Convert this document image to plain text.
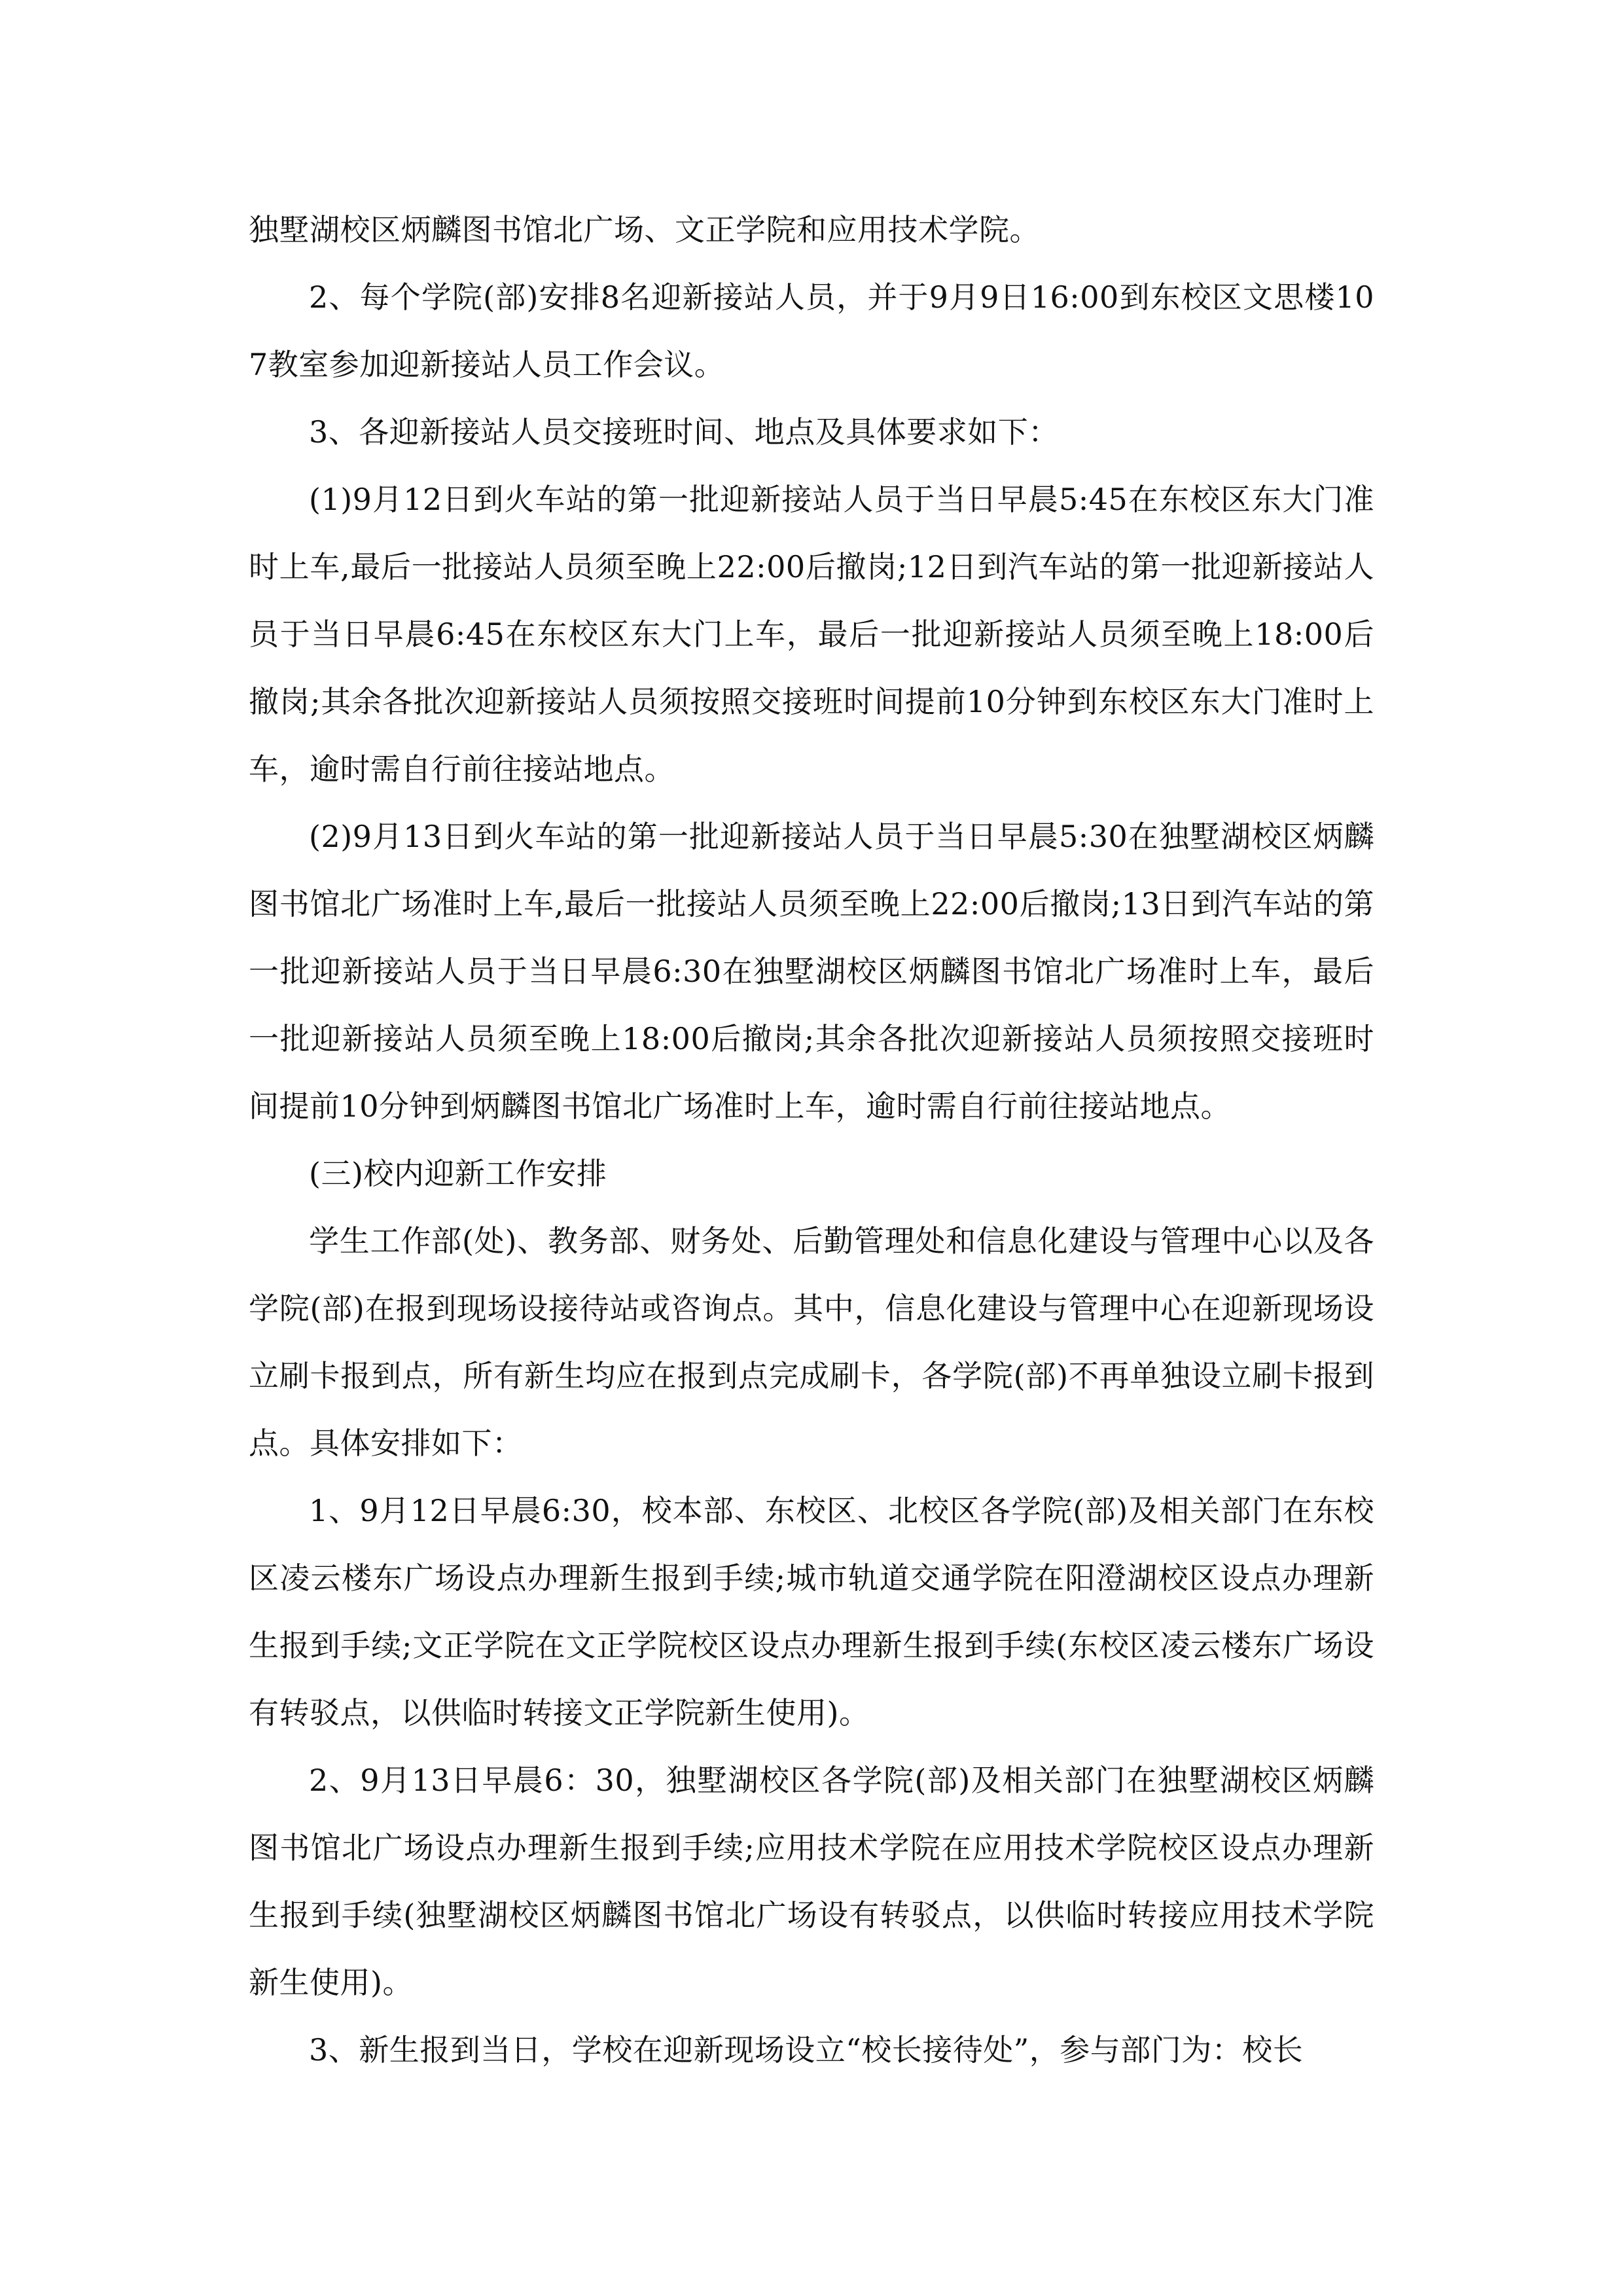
独墅湖校区炳麟图书馆北广场、文正学院和应用技术学院。

2、每个学院(部)安排8名迎新接站人员，并于9月9日16:00到东校区文思楼107教室参加迎新接站人员工作会议。

3、各迎新接站人员交接班时间、地点及具体要求如下：

(1)9月12日到火车站的第一批迎新接站人员于当日早晨5:45在东校区东大门准时上车,最后一批接站人员须至晚上22:00后撤岗;12日到汽车站的第一批迎新接站人员于当日早晨6:45在东校区东大门上车，最后一批迎新接站人员须至晚上18:00后撤岗;其余各批次迎新接站人员须按照交接班时间提前10分钟到东校区东大门准时上车，逾时需自行前往接站地点。

(2)9月13日到火车站的第一批迎新接站人员于当日早晨5:30在独墅湖校区炳麟图书馆北广场准时上车,最后一批接站人员须至晚上22:00后撤岗;13日到汽车站的第一批迎新接站人员于当日早晨6:30在独墅湖校区炳麟图书馆北广场准时上车，最后一批迎新接站人员须至晚上18:00后撤岗;其余各批次迎新接站人员须按照交接班时间提前10分钟到炳麟图书馆北广场准时上车，逾时需自行前往接站地点。

(三)校内迎新工作安排

学生工作部(处)、教务部、财务处、后勤管理处和信息化建设与管理中心以及各学院(部)在报到现场设接待站或咨询点。其中，信息化建设与管理中心在迎新现场设立刷卡报到点，所有新生均应在报到点完成刷卡，各学院(部)不再单独设立刷卡报到点。具体安排如下：

1、9月12日早晨6:30，校本部、东校区、北校区各学院(部)及相关部门在东校区凌云楼东广场设点办理新生报到手续;城市轨道交通学院在阳澄湖校区设点办理新生报到手续;文正学院在文正学院校区设点办理新生报到手续(东校区凌云楼东广场设有转驳点，以供临时转接文正学院新生使用)。

2、9月13日早晨6：30，独墅湖校区各学院(部)及相关部门在独墅湖校区炳麟图书馆北广场设点办理新生报到手续;应用技术学院在应用技术学院校区设点办理新生报到手续(独墅湖校区炳麟图书馆北广场设有转驳点，以供临时转接应用技术学院新生使用)。

3、新生报到当日，学校在迎新现场设立“校长接待处”，参与部门为：校长
